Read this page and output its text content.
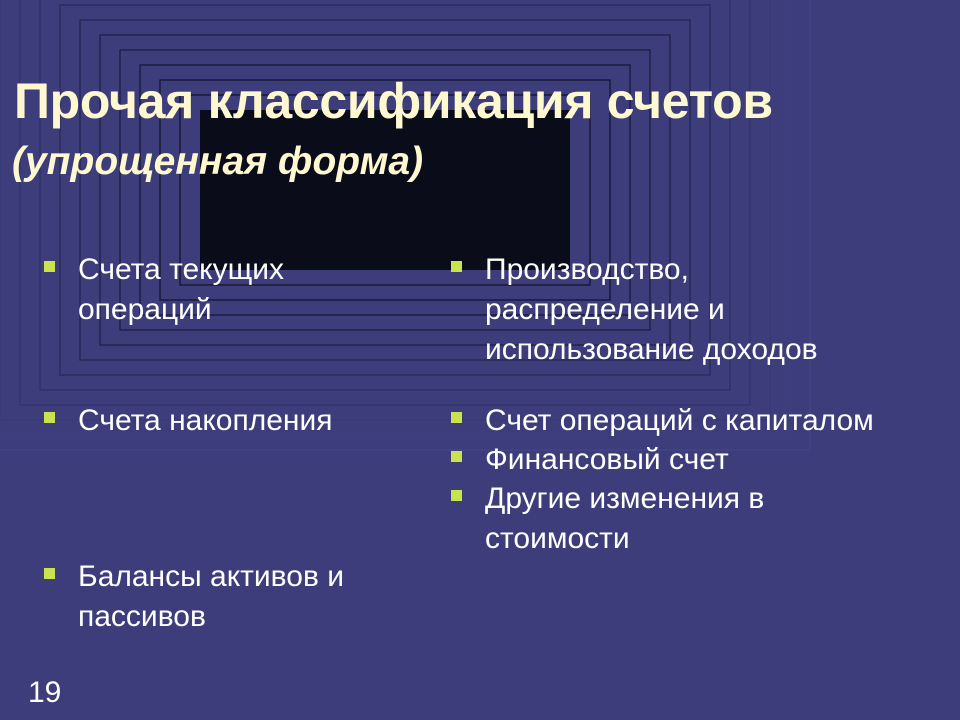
Прочая классификация счетов
(упрощенная форма)
Счета текущих операций
Счета накопления
Балансы активов и пассивов
Производство, распределение и использование доходов
Счет операций с капиталом
Финансовый счет
Другие изменения в стоимости
19
